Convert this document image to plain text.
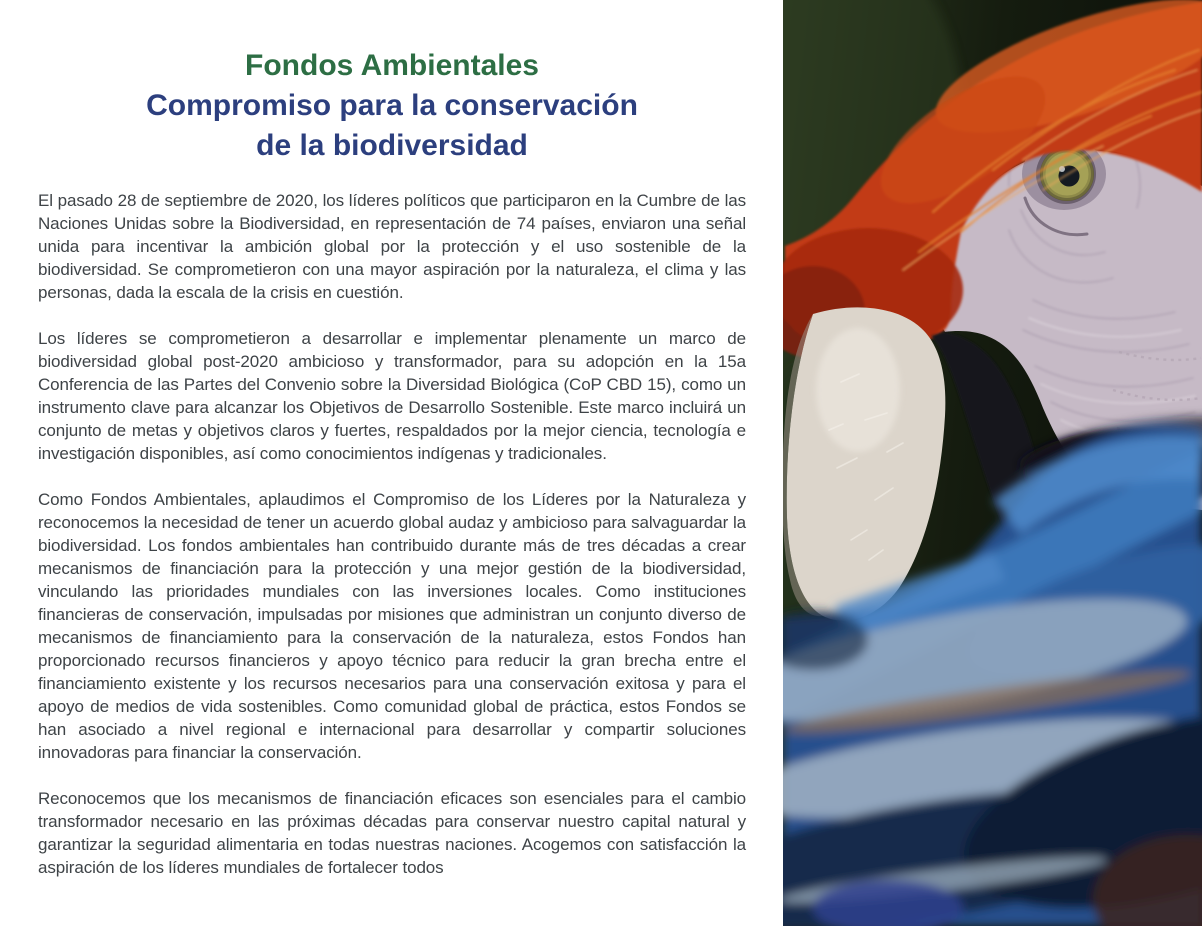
Fondos Ambientales
Compromiso para la conservación
de la biodiversidad

El pasado 28 de septiembre de 2020, los líderes políticos que participaron en la Cumbre de las Naciones Unidas sobre la Biodiversidad, en representación de 74 países, enviaron una señal unida para incentivar la ambición global por la protección y el uso sostenible de la biodiversidad. Se comprometieron con una mayor aspiración por la naturaleza, el clima y las personas, dada la escala de la crisis en cuestión.

Los líderes se comprometieron a desarrollar e implementar plenamente un marco de biodiversidad global post-2020 ambicioso y transformador, para su adopción en la 15a Conferencia de las Partes del Convenio sobre la Diversidad Biológica (CoP CBD 15), como un instrumento clave para alcanzar los Objetivos de Desarrollo Sostenible. Este marco incluirá un conjunto de metas y objetivos claros y fuertes, respaldados por la mejor ciencia, tecnología e investigación disponibles, así como conocimientos indígenas y tradicionales.

Como Fondos Ambientales, aplaudimos el Compromiso de los Líderes por la Naturaleza y reconocemos la necesidad de tener un acuerdo global audaz y ambicioso para salvaguardar la biodiversidad. Los fondos ambientales han contribuido durante más de tres décadas a crear mecanismos de financiación para la protección y una mejor gestión de la biodiversidad, vinculando las prioridades mundiales con las inversiones locales. Como instituciones financieras de conservación, impulsadas por misiones que administran un conjunto diverso de mecanismos de financiamiento para la conservación de la naturaleza, estos Fondos han proporcionado recursos financieros y apoyo técnico para reducir la gran brecha entre el financiamiento existente y los recursos necesarios para una conservación exitosa y para el apoyo de medios de vida sostenibles. Como comunidad global de práctica, estos Fondos se han asociado a nivel regional e internacional para desarrollar y compartir soluciones innovadoras para financiar la conservación.

Reconocemos que los mecanismos de financiación eficaces son esenciales para el cambio transformador necesario en las próximas décadas para conservar nuestro capital natural y garantizar la seguridad alimentaria en todas nuestras naciones. Acogemos con satisfacción la aspiración de los líderes mundiales de fortalecer todos
